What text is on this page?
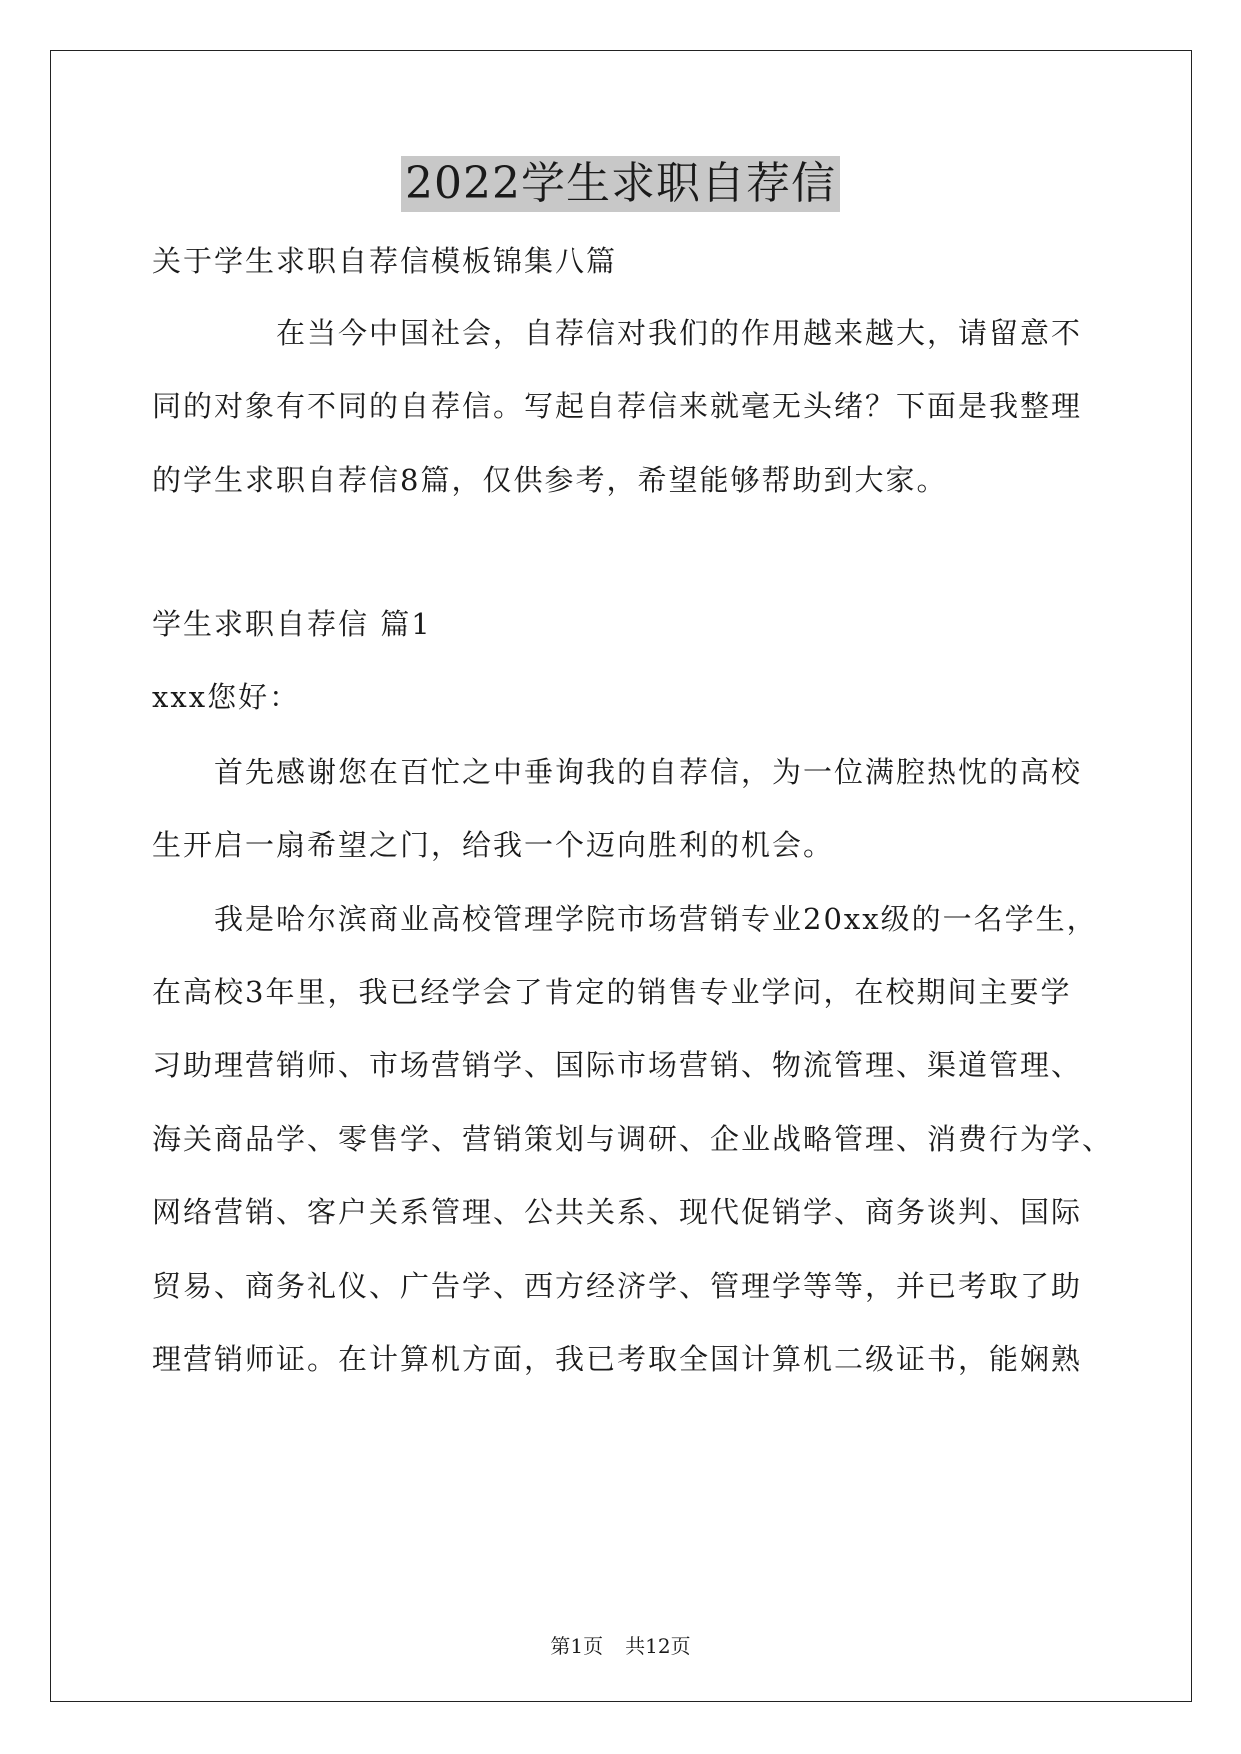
2022学生求职自荐信
关于学生求职自荐信模板锦集八篇
在当今中国社会，自荐信对我们的作用越来越大，请留意不
同的对象有不同的自荐信。写起自荐信来就毫无头绪？下面是我整理
的学生求职自荐信8篇，仅供参考，希望能够帮助到大家。
学生求职自荐信 篇1
xxx您好：
首先感谢您在百忙之中垂询我的自荐信，为一位满腔热忱的高校
生开启一扇希望之门，给我一个迈向胜利的机会。
我是哈尔滨商业高校管理学院市场营销专业20xx级的一名学生，
在高校3年里，我已经学会了肯定的销售专业学问，在校期间主要学
习助理营销师、市场营销学、国际市场营销、物流管理、渠道管理、
海关商品学、零售学、营销策划与调研、企业战略管理、消费行为学、
网络营销、客户关系管理、公共关系、现代促销学、商务谈判、国际
贸易、商务礼仪、广告学、西方经济学、管理学等等，并已考取了助
理营销师证。在计算机方面，我已考取全国计算机二级证书，能娴熟
第1页 共12页
